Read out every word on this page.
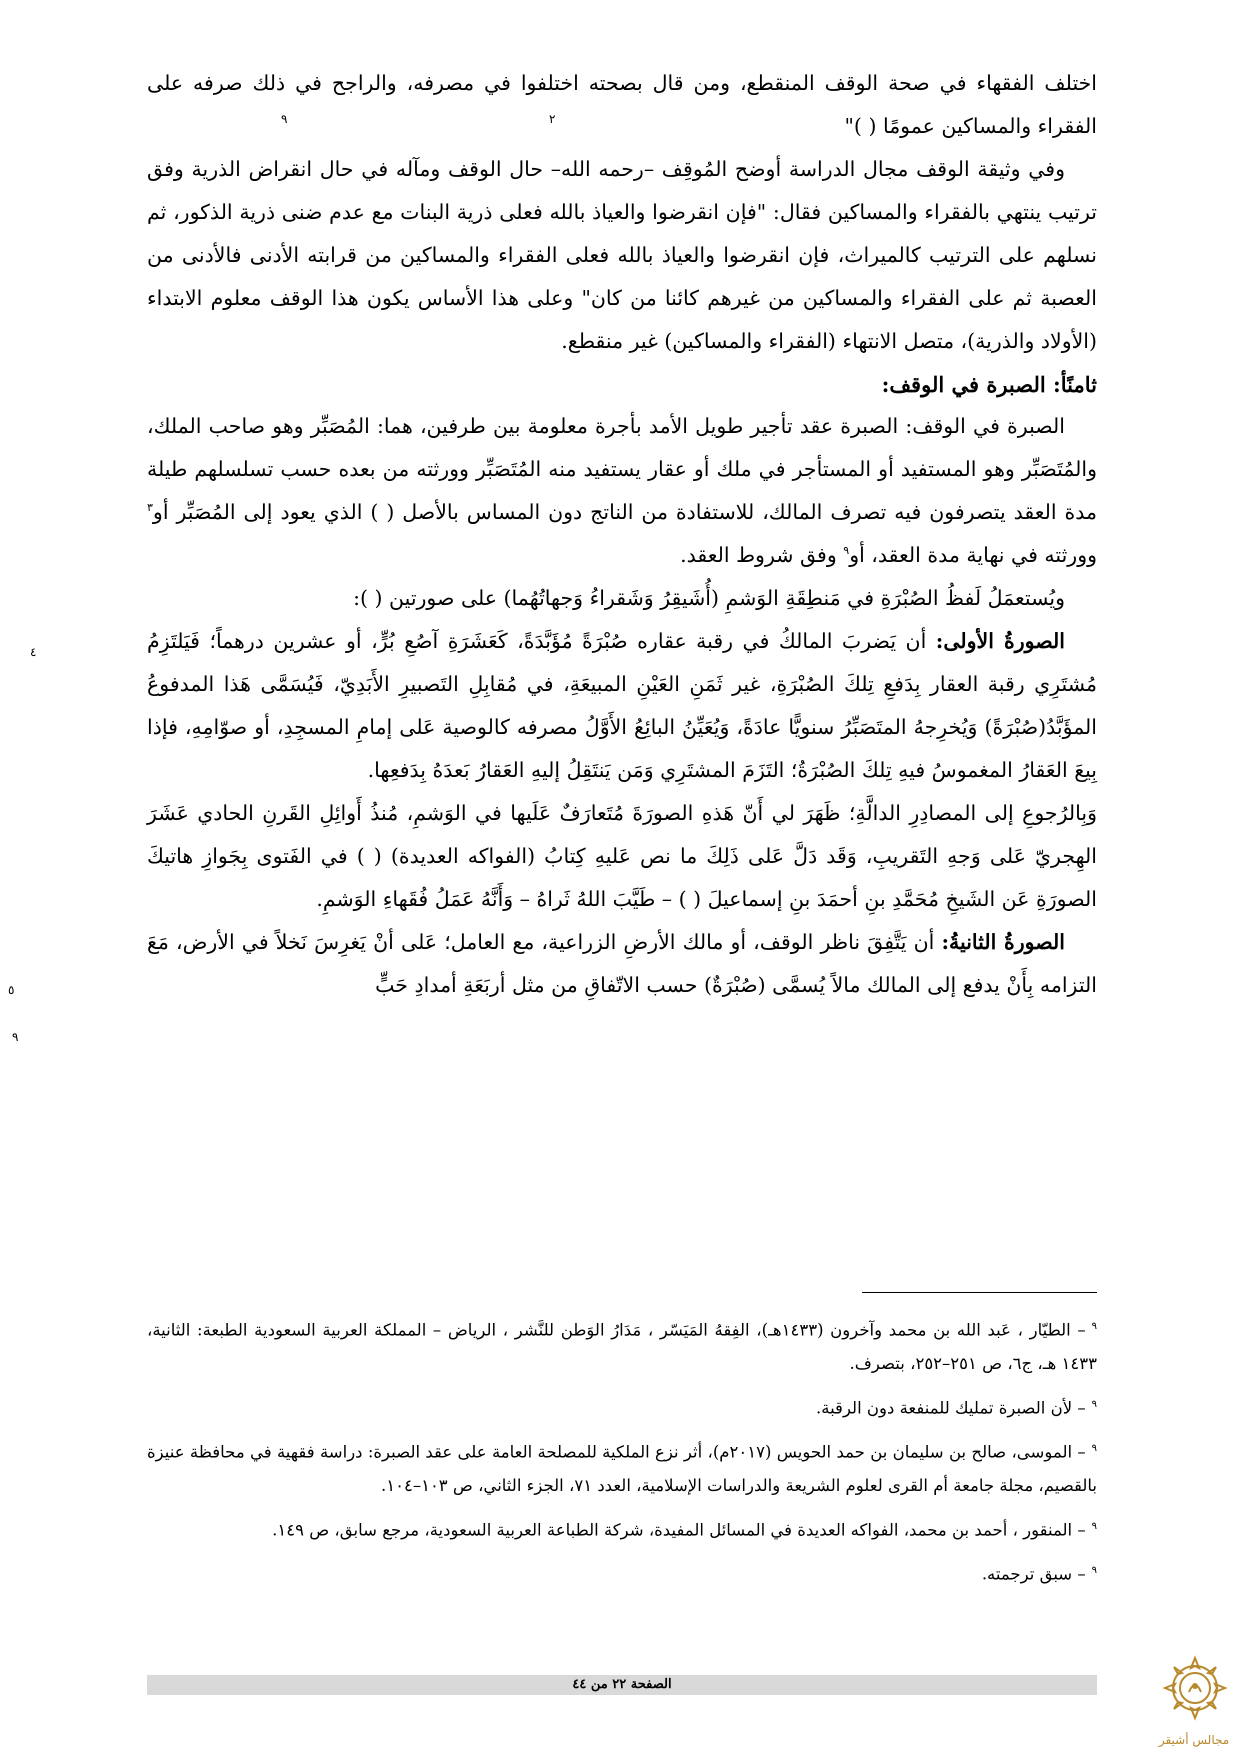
اختلف الفقهاء في صحة الوقف المنقطع، ومن قال بصحته اختلفوا في مصرفه، والراجح في ذلك صرفه على الفقراء والمساكين عمومًا ( )"

وفي وثيقة الوقف مجال الدراسة أوضح المُوقِف –رحمه الله– حال الوقف ومآله في حال انقراض الذرية وفق ترتيب ينتهي بالفقراء والمساكين فقال: "فإن انقرضوا والعياذ بالله فعلى ذرية البنات مع عدم ضنى ذرية الذكور، ثم نسلهم على الترتيب كالميراث، فإن انقرضوا والعياذ بالله فعلى الفقراء والمساكين من قرابته الأدنى فالأدنى من العصبة ثم على الفقراء والمساكين من غيرهم كائنا من كان" وعلى هذا الأساس يكون هذا الوقف معلوم الابتداء (الأولاد والذرية)، متصل الانتهاء (الفقراء والمساكين) غير منقطع.

ثامنًأ: الصبرة في الوقف:

الصبرة في الوقف: الصبرة عقد تأجير طويل الأمد بأجرة معلومة بين طرفين، هما: المُصَبِّر وهو صاحب الملك، والمُتَصَبِّر وهو المستفيد أو المستأجر في ملك أو عقار يستفيد منه المُتَصَبِّر وورثته من بعده حسب تسلسلهم طيلة مدة العقد يتصرفون فيه تصرف المالك، للاستفادة من الناتج دون المساس بالأصل ( ) الذي يعود إلى المُصَبِّر أو$^٣$ وورثته في نهاية مدة العقد، أو$^٩$ وفق شروط العقد.

ويُستعمَلُ لَفظُ الصُبْرَةِ في مَنطِقَةِ الوَشمِ (أُشَيقِرُ وَشَقراءُ وَجهاتُهُما) على صورتين ( ):

الصورةُ الأولى: أن يَضربَ المالكُ في رقبة عقاره صُبْرَةً مُؤَبَّدَةً، كَعَشَرَةِ آصُعِ بُرٍّ، أو عشرين درهماً؛ فَيَلتَزِمُ مُشتَرِي رقبة العقار بِدَفعِ تِلكَ الصُبْرَةِ، غير ثَمَنِ العَيْنِ المبيعَةِ، في مُقابِلِ التَصبيرِ الأَبَدِيّ، فَيُسَمَّى هَذا المدفوعُ المؤَبَّدُ(صُبْرَةً) وَيُخرِجهُ المتَصَبِّرُ سنويًّا عادَةً، وَيُعَيِّنُ البائِعُ الأَوَّلُ مصرفه كالوصية عَلى إمامِ المسجِدِ، أو صوّامِهِ، فإذا بِيعَ العَقارُ المغموسُ فيهِ تِلكَ الصُبْرَةُ؛ التَزَمَ المشتَرِي وَمَن يَنتَقِلُ إليهِ العَقارُ بَعدَهُ بِدَفعِها.

وَبِالرُجوعِ إلى المصادِرِ الدالَّةِ؛ ظَهَرَ لي أَنّ هَذهِ الصورَةَ مُتَعارَفٌ عَلَيها في الوَشمِ، مُنذُ أَوائِلِ القَرنِ الحادي عَشَرَ الهِجريّ عَلى وَجهِ التَقريبِ، وَقَد دَلَّ عَلى ذَلِكَ ما نص عَليهِ كِتابُ (الفواكه العديدة) ( ) في الفَتوى بِجَوازِ هاتيكَ الصورَةِ عَن الشَيخِ مُحَمَّدِ بنِ أحمَدَ بنِ إسماعيلَ ( ) – طَيَّبَ اللهُ ثَراهُ – وَأَنَّهُ عَمَلُ فُقَهاءِ الوَشمِ.

الصورةُ الثانيةُ: أن يَتَّفِقَ ناظر الوقف، أو مالك الأرضِ الزراعية، مع العامل؛ عَلى أنْ يَغرِسَ نَخلاً في الأرض، مَعَ التزامه بِأَنْ يدفع إلى المالك مالاً يُسمَّى (صُبْرَةٌ) حسب الاتّفاقِ من مثل أربَعَةِ أمدادِ حَبٍّ

٩	٢
٤
٥
٩

$^٩$– الطيّار ، عَبد الله بن محمد وآخرون (١٤٣٣هـ)، الفِقهُ المَيَسّر ، مَدَارُ الوَطن للنَّشر ، الرياض – المملكة العربية السعودية الطبعة: الثانية، ١٤٣٣ هـ، ج٦، ص ٢٥١–٢٥٢، بتصرف.

$^٩$– لأن الصبرة تمليك للمنفعة دون الرقبة.

$^٩$– الموسى، صالح بن سليمان بن حمد الحويس (٢٠١٧م)، أثر نزع الملكية للمصلحة العامة على عقد الصبرة: دراسة فقهية في محافظة عنيزة بالقصيم، مجلة جامعة أم القرى لعلوم الشريعة والدراسات الإسلامية، العدد ٧١، الجزء الثاني، ص ١٠٣–١٠٤.

$^٩$– المنقور ، أحمد بن محمد، الفواكه العديدة في المسائل المفيدة، شركة الطباعة العربية السعودية، مرجع سابق، ص ١٤٩.

$^٩$– سبق ترجمته.

الصفحة ٢٢ من ٤٤
مجالس أشيقر
